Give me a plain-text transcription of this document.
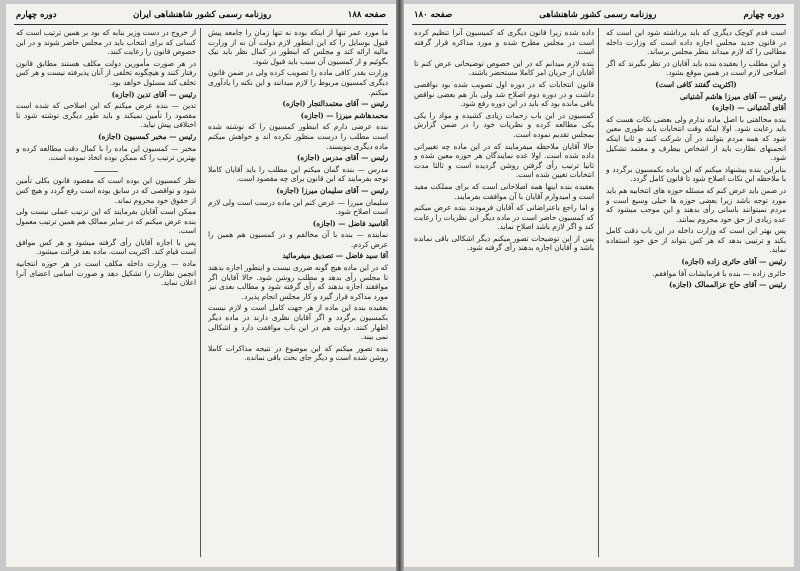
صفحه ۱۸۸
روزنامه رسمی کشور شاهنشاهی ایران
دوره چهارم

ما مورد عمر تنها از اینکه بوده نه تنها زمان را جامعه پیش قبول بوسایل را که این اینطور لازم دولت آن نه از وزارت مالیه ارائه کند و مجلس که اینطور در کمال نظر باید نیک بگوئیم و از کمسیون آن سبب باید قبول شود.

وزارت بقدر کافی ماده را تصویب کرده ولی در ضمن قانون دیگری کمسیون مربوط را لازم میدانند و این نکته را یادآوری میکنم.

رئیس — آقای معتمدالتجار (اجازه)

محمدهاشم میرزا — (اجازه)

بنده عرضی دارم که اینطور کمسیون را که نوشته شده است مطلب را درست منظور نکرده اند و خواهش میکنم ماده دیگری بنویسند.

رئیس — آقای مدرس (اجازه)

مدرس — بنده گمان میکنم این مطلب را باید آقایان کاملا توجه بفرمایند که این قانون برای چه مقصود است.

رئیس — آقای سلیمان میرزا (اجازه)

سلیمان میرزا — عرض کنم این ماده درست است ولی لازم است اصلاح شود.

آقاسید فاضل — (اجازه)

نماینده — بنده با آن مخالفم و در کمسیون هم همین را عرض کردم.

آقا سید فاضل — تصدیق میفرمائید

که در این ماده هیچ گونه ضرری نیست و اینطور اجازه بدهند تا مجلس رأی بدهد و مطلب روشن شود. حالا آقایان اگر موافقند اجازه بدهند که رأی گرفته شود و مطالب بعدی نیز مورد مذاکره قرار گیرد و کار مجلس انجام پذیرد.

بعقیده بنده این ماده از هر جهت کامل است و لازم نیست بکمسیون برگردد و اگر آقایان نظری دارند در ماده دیگر اظهار کنند. دولت هم در این باب موافقت دارد و اشکالی نمی بیند.

بنده تصور میکنم که این موضوع در نتیجه مذاکرات کاملا روشن شده است و دیگر جای بحث باقی نمانده.

از خروج در دست وزیر بنابه که بود بر همین ترتیب است که کسانی که برای انتخاب باید در مجلس حاضر شوند و در این خصوص قانون را رعایت کنند.

در هر صورت مأمورین دولت مکلف هستند مطابق قانون رفتار کنند و هیچگونه تخلفی از آنان پذیرفته نیست و هر کس تخلف کند مسئول خواهد بود.

رئیس — آقای تدین (اجازه)

تدین — بنده عرض میکنم که این اصلاحی که شده است مقصود را تأمین نمیکند و باید طور دیگری نوشته شود تا اختلافی پیش نیاید.

رئیس — مخبر کمسیون (اجازه)

مخبر — کمسیون این ماده را با کمال دقت مطالعه کرده و بهترین ترتیب را که ممکن بوده اتخاذ نموده است.

ـــــــــــ

نظر کمسیون این بوده است که مقصود قانون بکلی تأمین شود و نواقصی که در سابق بوده است رفع گردد و هیچ کس از حقوق خود محروم نماند.

ممکن است آقایان بفرمایند که این ترتیب عملی نیست ولی بنده عرض میکنم که در سایر ممالک هم همین ترتیب معمول است.

پس با اجازه آقایان رأی گرفته میشود و هر کس موافق است قیام کند. اکثریت است. ماده بعد قرائت میشود.

ماده — وزارت داخله مکلف است در هر حوزه انتخابیه انجمن نظارت را تشکیل دهد و صورت اسامی اعضای آنرا اعلان نماید.

دوره چهارم
روزنامه رسمی کشور شاهنشاهی
صفحه ۱۸۰

است قدم کوچک دیگری که باید برداشته شود این است که در قانون جدید مجلس اجازه داده است که وزارت داخله مطالبی را که لازم میداند بنظر مجلس برساند.

و این مطلب را بعقیده بنده باید آقایان در نظر بگیرند که اگر اصلاحی لازم است در همین موقع بشود.

(اکثریت گفتند کافی است)

رئیس — آقای میرزا هاشم آشتیانی

آقای آشتیانی — (اجازه)

بنده مخالفتی با اصل ماده ندارم ولی بعضی نکات هست که باید رعایت شود. اولا اینکه وقت انتخابات باید طوری معین شود که همه مردم بتوانند در آن شرکت کنند و ثانیا اینکه انجمنهای نظارت باید از اشخاص بیطرف و معتمد تشکیل شود.

بنابراین بنده پیشنهاد میکنم که این ماده بکمسیون برگردد و با ملاحظه این نکات اصلاح شود تا قانون کامل گردد.

در ضمن باید عرض کنم که مسئله حوزه های انتخابیه هم باید مورد توجه باشد زیرا بعضی حوزه ها خیلی وسیع است و مردم نمیتوانند باسانی رأی بدهند و این موجب میشود که عده زیادی از حق خود محروم بمانند.

پس بهتر این است که وزارت داخله در این باب دقت کامل بکند و ترتیبی بدهد که هر کس بتواند از حق خود استفاده نماید.

رئیس — آقای حائری زاده (اجازه)

حائری زاده — بنده با فرمایشات آقا موافقم.

رئیس — آقای حاج عزالممالک (اجازه)

داده شده زیرا قانون دیگری که کمیسیون آنرا تنظیم کرده است در مجلس مطرح شده و مورد مذاکره قرار گرفته است.

بنده لازم میدانم که در این خصوص توضیحاتی عرض کنم تا آقایان از جریان امر کاملا مستحضر باشند.

قانون انتخابات که در دوره اول تصویب شده بود نواقصی داشت و در دوره دوم اصلاح شد ولی باز هم بعضی نواقص باقی مانده بود که باید در این دوره رفع شود.

کمسیون در این باب زحمات زیادی کشیده و مواد را یکی یکی مطالعه کرده و نظریات خود را در ضمن گزارش بمجلس تقدیم نموده است.

حالا آقایان ملاحظه میفرمایند که در این ماده چه تغییراتی داده شده است. اولا عده نمایندگان هر حوزه معین شده و ثانیا ترتیب رأی گرفتن روشن گردیده است و ثالثا مدت انتخابات تعیین شده است.

بعقیده بنده اینها همه اصلاحاتی است که برای مملکت مفید است و امیدوارم آقایان با آن موافقت بفرمایند.

و اما راجع باعتراضاتی که آقایان فرمودند بنده عرض میکنم که کمسیون حاضر است در ماده دیگر این نظریات را رعایت کند و اگر لازم باشد اصلاح نماید.

پس از این توضیحات تصور میکنم دیگر اشکالی باقی نمانده باشد و آقایان اجازه بدهند رأی گرفته شود.
